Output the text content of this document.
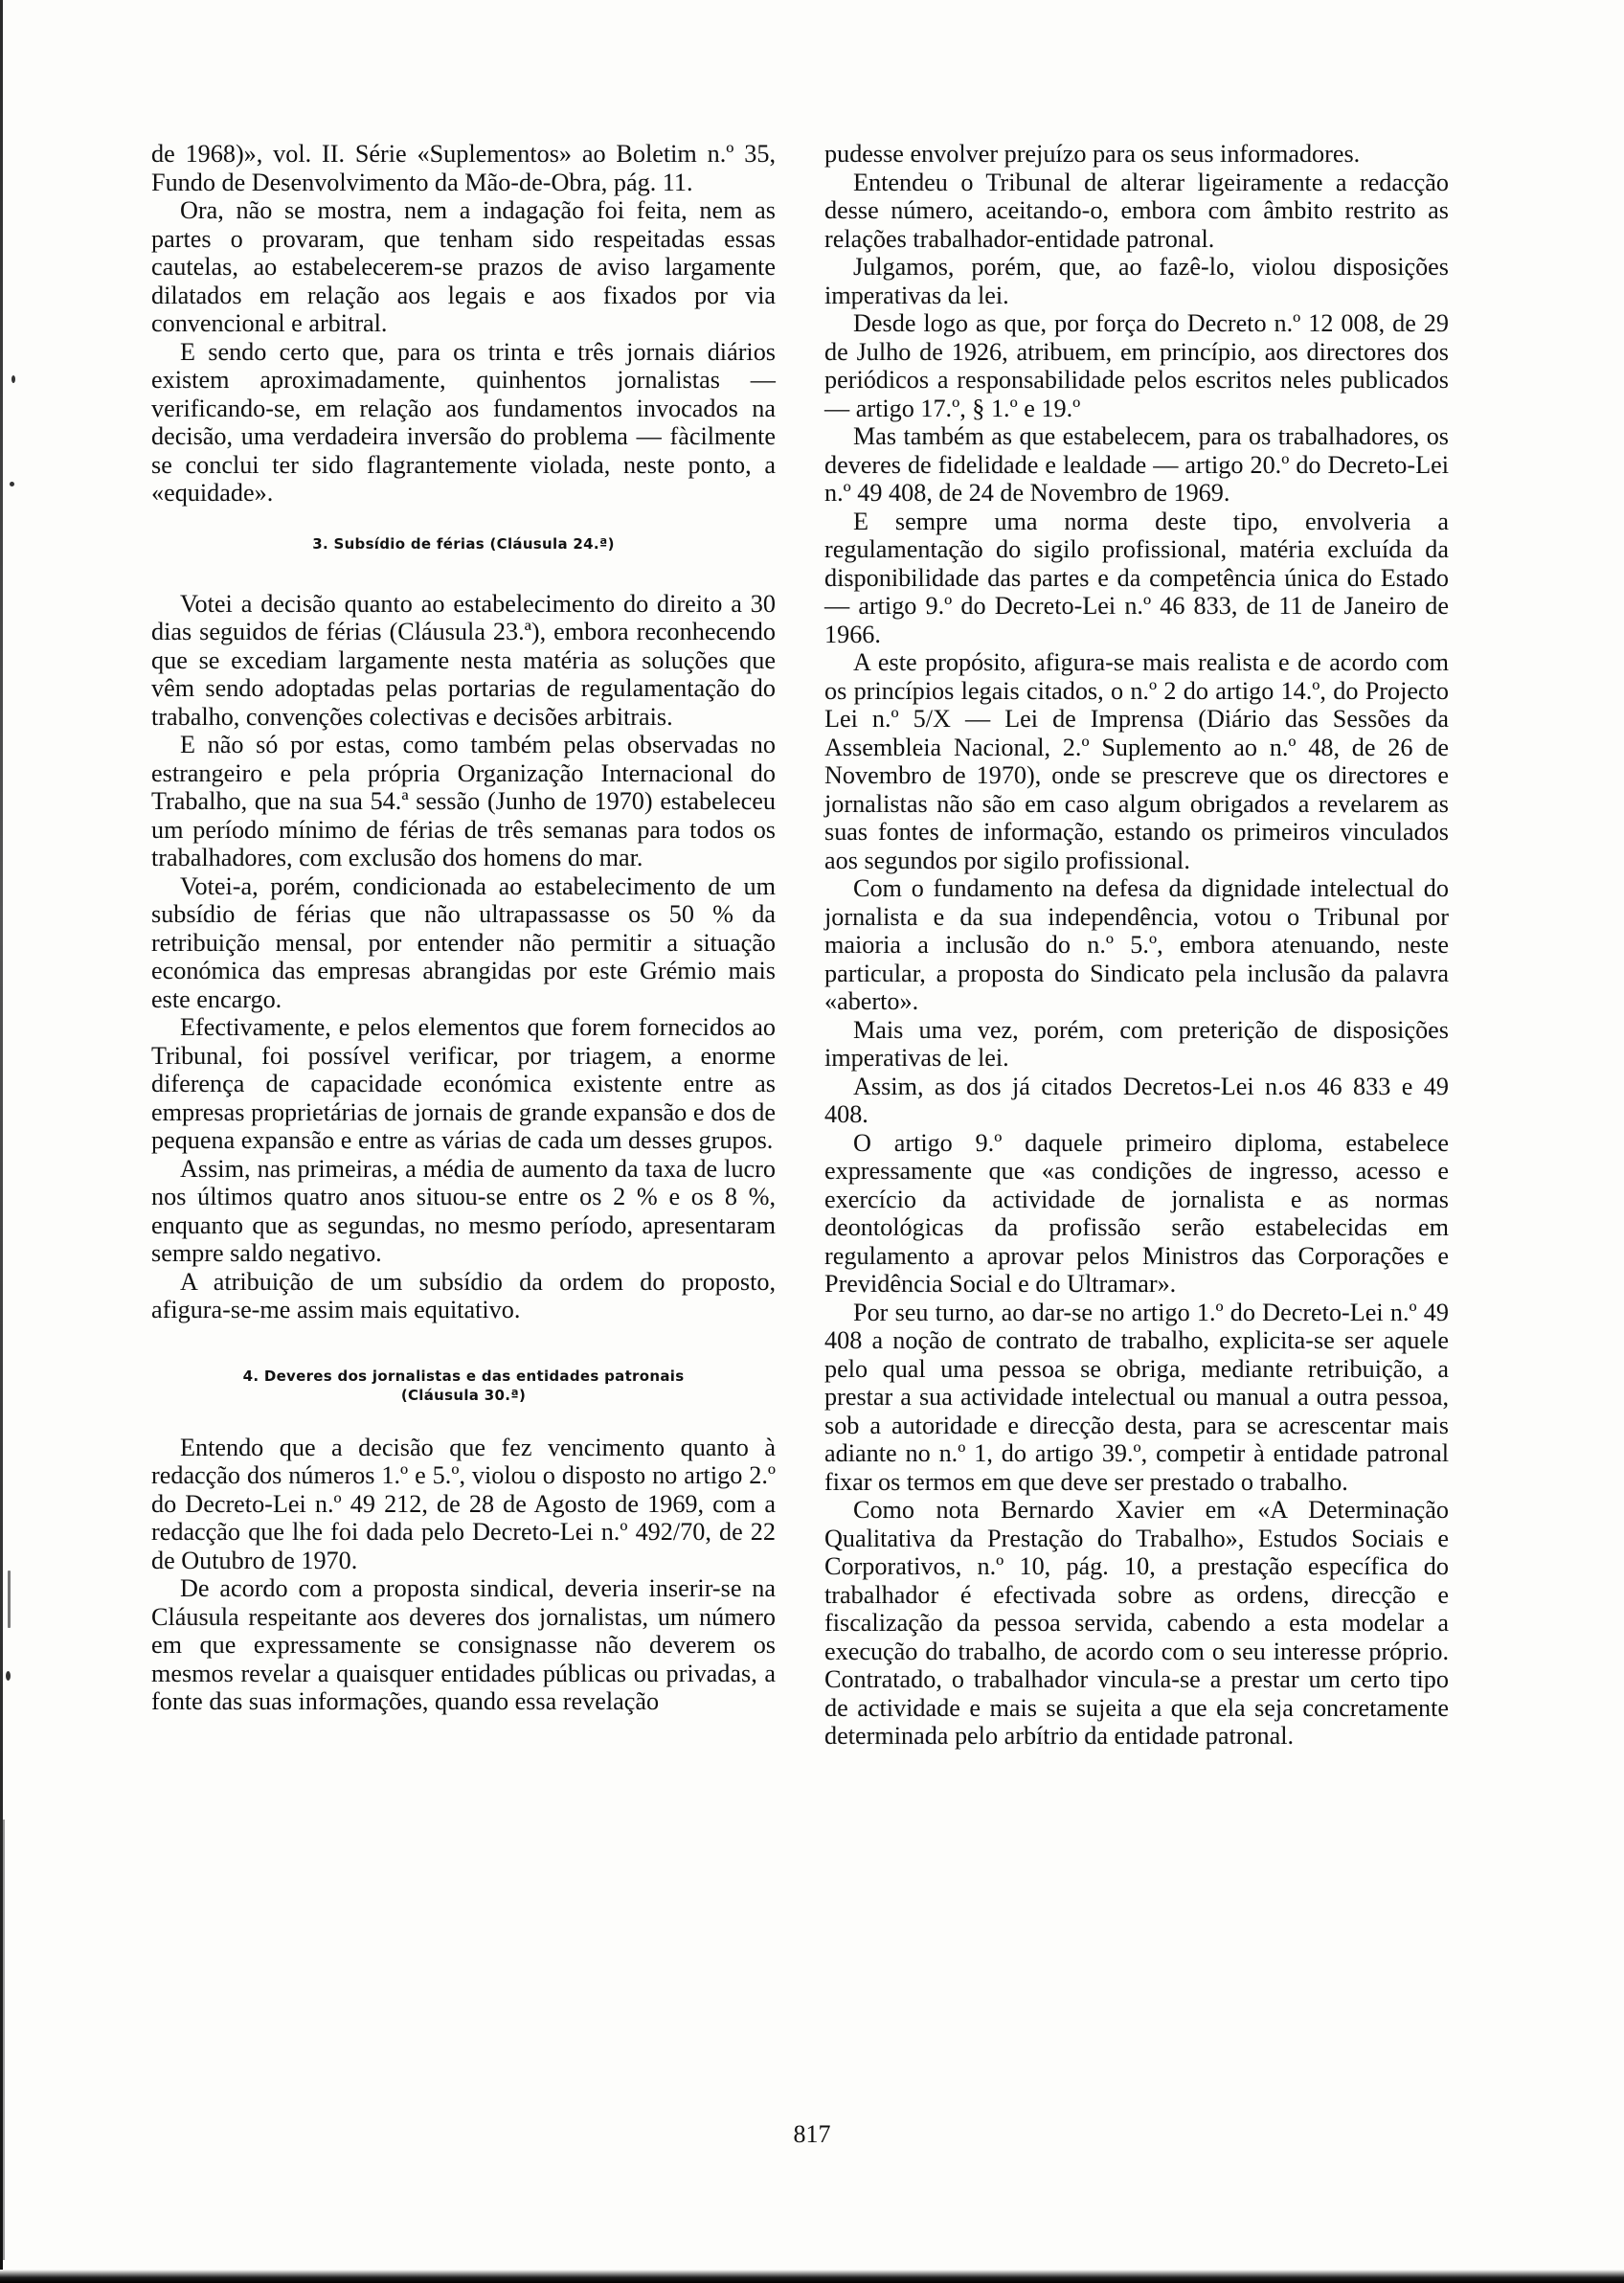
de 1968)», vol. II. Série «Suplementos» ao Boletim n.º 35, Fundo de Desenvolvimento da Mão-de-Obra, pág. 11.

Ora, não se mostra, nem a indagação foi feita, nem as partes o provaram, que tenham sido respeitadas essas cautelas, ao estabelecerem-se prazos de aviso largamente dilatados em relação aos legais e aos fixados por via convencional e arbitral.

E sendo certo que, para os trinta e três jornais diários existem aproximadamente, quinhentos jornalistas — verificando-se, em relação aos fundamentos invocados na decisão, uma verdadeira inversão do problema — fàcilmente se conclui ter sido flagrantemente violada, neste ponto, a «equidade».

3. Subsídio de férias (Cláusula 24.ª)

Votei a decisão quanto ao estabelecimento do direito a 30 dias seguidos de férias (Cláusula 23.ª), embora reconhecendo que se excediam largamente nesta matéria as soluções que vêm sendo adoptadas pelas portarias de regulamentação do trabalho, convenções colectivas e decisões arbitrais.

E não só por estas, como também pelas observadas no estrangeiro e pela própria Organização Internacional do Trabalho, que na sua 54.ª sessão (Junho de 1970) estabeleceu um período mínimo de férias de três semanas para todos os trabalhadores, com exclusão dos homens do mar.

Votei-a, porém, condicionada ao estabelecimento de um subsídio de férias que não ultrapassasse os 50 % da retribuição mensal, por entender não permitir a situação económica das empresas abrangidas por este Grémio mais este encargo.

Efectivamente, e pelos elementos que forem fornecidos ao Tribunal, foi possível verificar, por triagem, a enorme diferença de capacidade económica existente entre as empresas proprietárias de jornais de grande expansão e dos de pequena expansão e entre as várias de cada um desses grupos.

Assim, nas primeiras, a média de aumento da taxa de lucro nos últimos quatro anos situou-se entre os 2 % e os 8 %, enquanto que as segundas, no mesmo período, apresentaram sempre saldo negativo.

A atribuição de um subsídio da ordem do proposto, afigura-se-me assim mais equitativo.

4. Deveres dos jornalistas e das entidades patronais
(Cláusula 30.ª)

Entendo que a decisão que fez vencimento quanto à redacção dos números 1.º e 5.º, violou o disposto no artigo 2.º do Decreto-Lei n.º 49 212, de 28 de Agosto de 1969, com a redacção que lhe foi dada pelo Decreto-Lei n.º 492/70, de 22 de Outubro de 1970.

De acordo com a proposta sindical, deveria inserir-se na Cláusula respeitante aos deveres dos jornalistas, um número em que expressamente se consignasse não deverem os mesmos revelar a quaisquer entidades públicas ou privadas, a fonte das suas informações, quando essa revelação

pudesse envolver prejuízo para os seus informadores.

Entendeu o Tribunal de alterar ligeiramente a redacção desse número, aceitando-o, embora com âmbito restrito as relações trabalhador-entidade patronal.

Julgamos, porém, que, ao fazê-lo, violou disposições imperativas da lei.

Desde logo as que, por força do Decreto n.º 12 008, de 29 de Julho de 1926, atribuem, em princípio, aos directores dos periódicos a responsabilidade pelos escritos neles publicados — artigo 17.º, § 1.º e 19.º

Mas também as que estabelecem, para os trabalhadores, os deveres de fidelidade e lealdade — artigo 20.º do Decreto-Lei n.º 49 408, de 24 de Novembro de 1969.

E sempre uma norma deste tipo, envolveria a regulamentação do sigilo profissional, matéria excluída da disponibilidade das partes e da competência única do Estado — artigo 9.º do Decreto-Lei n.º 46 833, de 11 de Janeiro de 1966.

A este propósito, afigura-se mais realista e de acordo com os princípios legais citados, o n.º 2 do artigo 14.º, do Projecto Lei n.º 5/X — Lei de Imprensa (Diário das Sessões da Assembleia Nacional, 2.º Suplemento ao n.º 48, de 26 de Novembro de 1970), onde se prescreve que os directores e jornalistas não são em caso algum obrigados a revelarem as suas fontes de informação, estando os primeiros vinculados aos segundos por sigilo profissional.

Com o fundamento na defesa da dignidade intelectual do jornalista e da sua independência, votou o Tribunal por maioria a inclusão do n.º 5.º, embora atenuando, neste particular, a proposta do Sindicato pela inclusão da palavra «aberto».

Mais uma vez, porém, com preterição de disposições imperativas de lei.

Assim, as dos já citados Decretos-Lei n.os 46 833 e 49 408.

O artigo 9.º daquele primeiro diploma, estabelece expressamente que «as condições de ingresso, acesso e exercício da actividade de jornalista e as normas deontológicas da profissão serão estabelecidas em regulamento a aprovar pelos Ministros das Corporações e Previdência Social e do Ultramar».

Por seu turno, ao dar-se no artigo 1.º do Decreto-Lei n.º 49 408 a noção de contrato de trabalho, explicita-se ser aquele pelo qual uma pessoa se obriga, mediante retribuição, a prestar a sua actividade intelectual ou manual a outra pessoa, sob a autoridade e direcção desta, para se acrescentar mais adiante no n.º 1, do artigo 39.º, competir à entidade patronal fixar os termos em que deve ser prestado o trabalho.

Como nota Bernardo Xavier em «A Determinação Qualitativa da Prestação do Trabalho», Estudos Sociais e Corporativos, n.º 10, pág. 10, a prestação específica do trabalhador é efectivada sobre as ordens, direcção e fiscalização da pessoa servida, cabendo a esta modelar a execução do trabalho, de acordo com o seu interesse próprio. Contratado, o trabalhador vincula-se a prestar um certo tipo de actividade e mais se sujeita a que ela seja concretamente determinada pelo arbítrio da entidade patronal.

817
